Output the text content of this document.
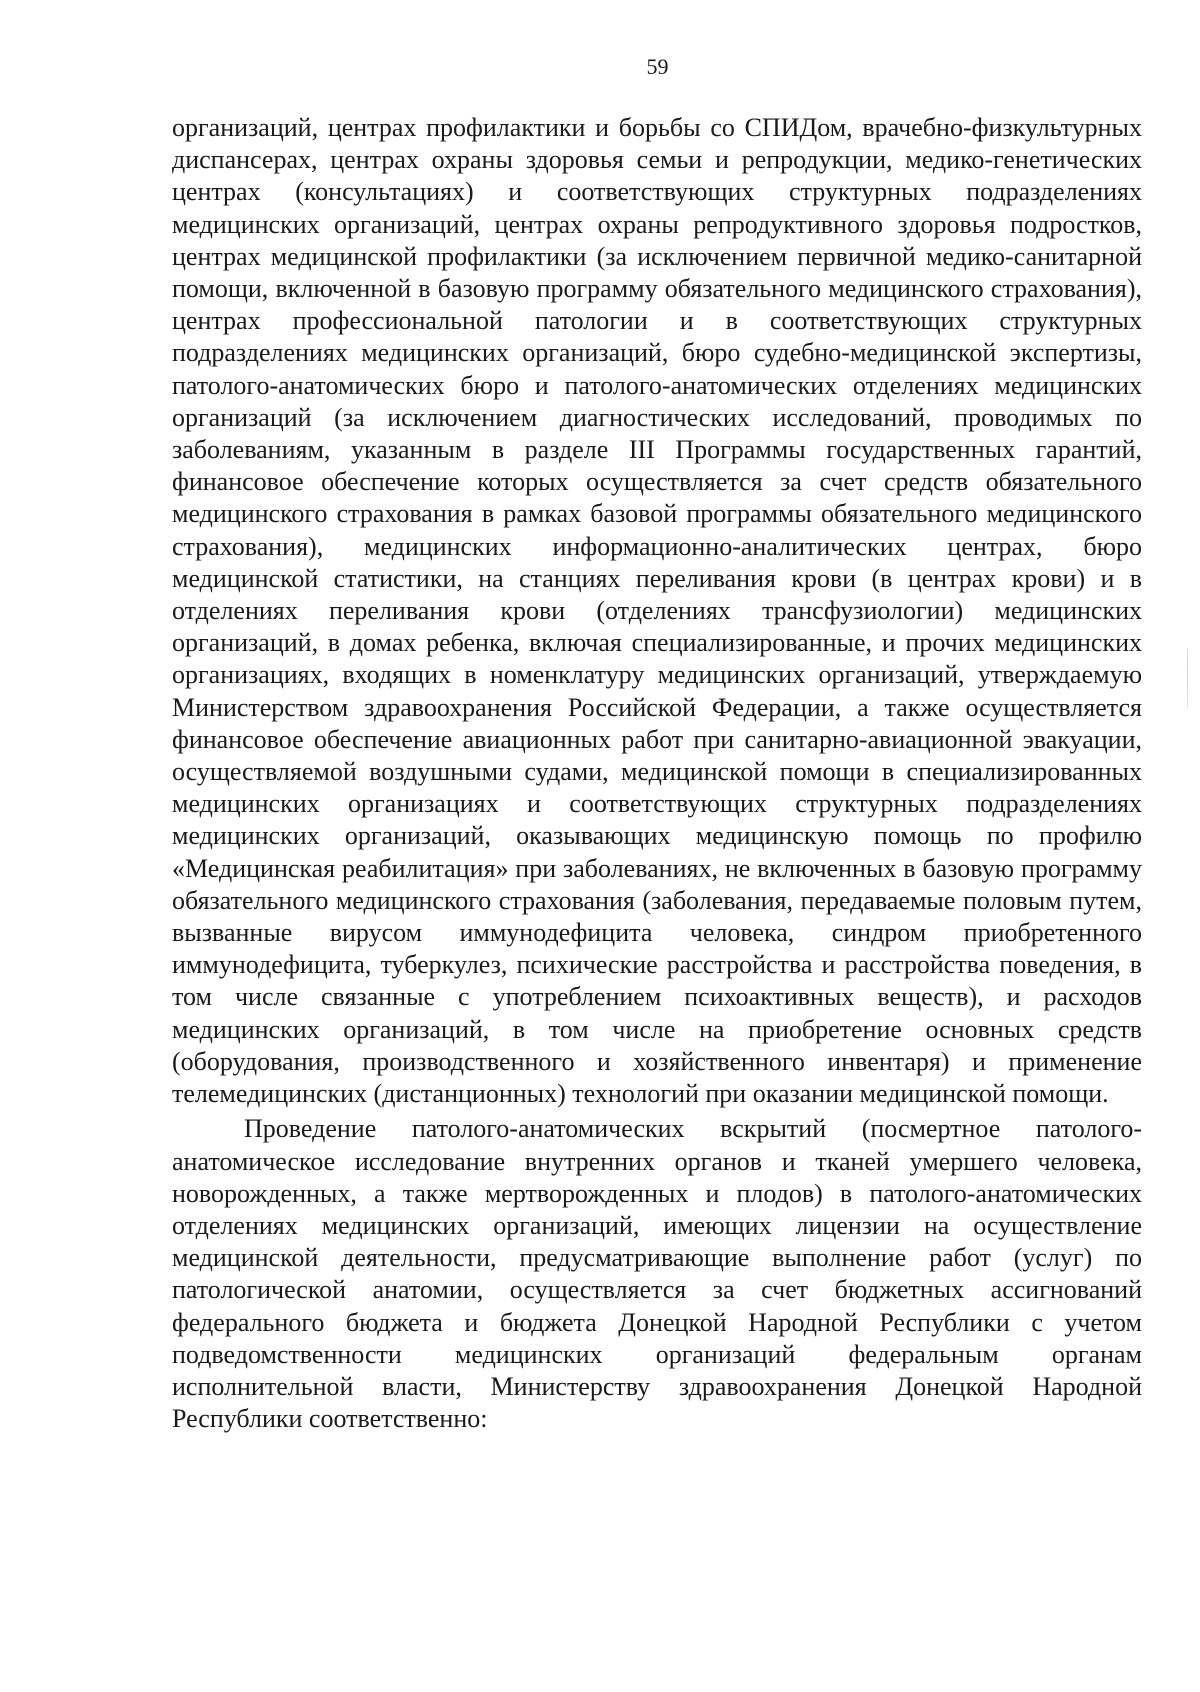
59

организаций, центрах профилактики и борьбы со СПИДом, врачебно-физкультурных диспансерах, центрах охраны здоровья семьи и репродукции, медико-генетических центрах (консультациях) и соответствующих структурных подразделениях медицинских организаций, центрах охраны репродуктивного здоровья подростков, центрах медицинской профилактики (за исключением первичной медико-санитарной помощи, включенной в базовую программу обязательного медицинского страхования), центрах профессиональной патологии и в соответствующих структурных подразделениях медицинских организаций, бюро судебно-медицинской экспертизы, патолого-анатомических бюро и патолого-анатомических отделениях медицинских организаций (за исключением диагностических исследований, проводимых по заболеваниям, указанным в разделе III Программы государственных гарантий, финансовое обеспечение которых осуществляется за счет средств обязательного медицинского страхования в рамках базовой программы обязательного медицинского страхования), медицинских информационно-аналитических центрах, бюро медицинской статистики, на станциях переливания крови (в центрах крови) и в отделениях переливания крови (отделениях трансфузиологии) медицинских организаций, в домах ребенка, включая специализированные, и прочих медицинских организациях, входящих в номенклатуру медицинских организаций, утверждаемую Министерством здравоохранения Российской Федерации, а также осуществляется финансовое обеспечение авиационных работ при санитарно-авиационной эвакуации, осуществляемой воздушными судами, медицинской помощи в специализированных медицинских организациях и соответствующих структурных подразделениях медицинских организаций, оказывающих медицинскую помощь по профилю «Медицинская реабилитация» при заболеваниях, не включенных в базовую программу обязательного медицинского страхования (заболевания, передаваемые половым путем, вызванные вирусом иммунодефицита человека, синдром приобретенного иммунодефицита, туберкулез, психические расстройства и расстройства поведения, в том числе связанные с употреблением психоактивных веществ), и расходов медицинских организаций, в том числе на приобретение основных средств (оборудования, производственного и хозяйственного инвентаря) и применение телемедицинских (дистанционных) технологий при оказании медицинской помощи.

Проведение патолого-анатомических вскрытий (посмертное патолого-анатомическое исследование внутренних органов и тканей умершего человека, новорожденных, а также мертворожденных и плодов) в патолого-анатомических отделениях медицинских организаций, имеющих лицензии на осуществление медицинской деятельности, предусматривающие выполнение работ (услуг) по патологической анатомии, осуществляется за счет бюджетных ассигнований федерального бюджета и бюджета Донецкой Народной Республики с учетом подведомственности медицинских организаций федеральным органам исполнительной власти, Министерству здравоохранения Донецкой Народной Республики соответственно:
